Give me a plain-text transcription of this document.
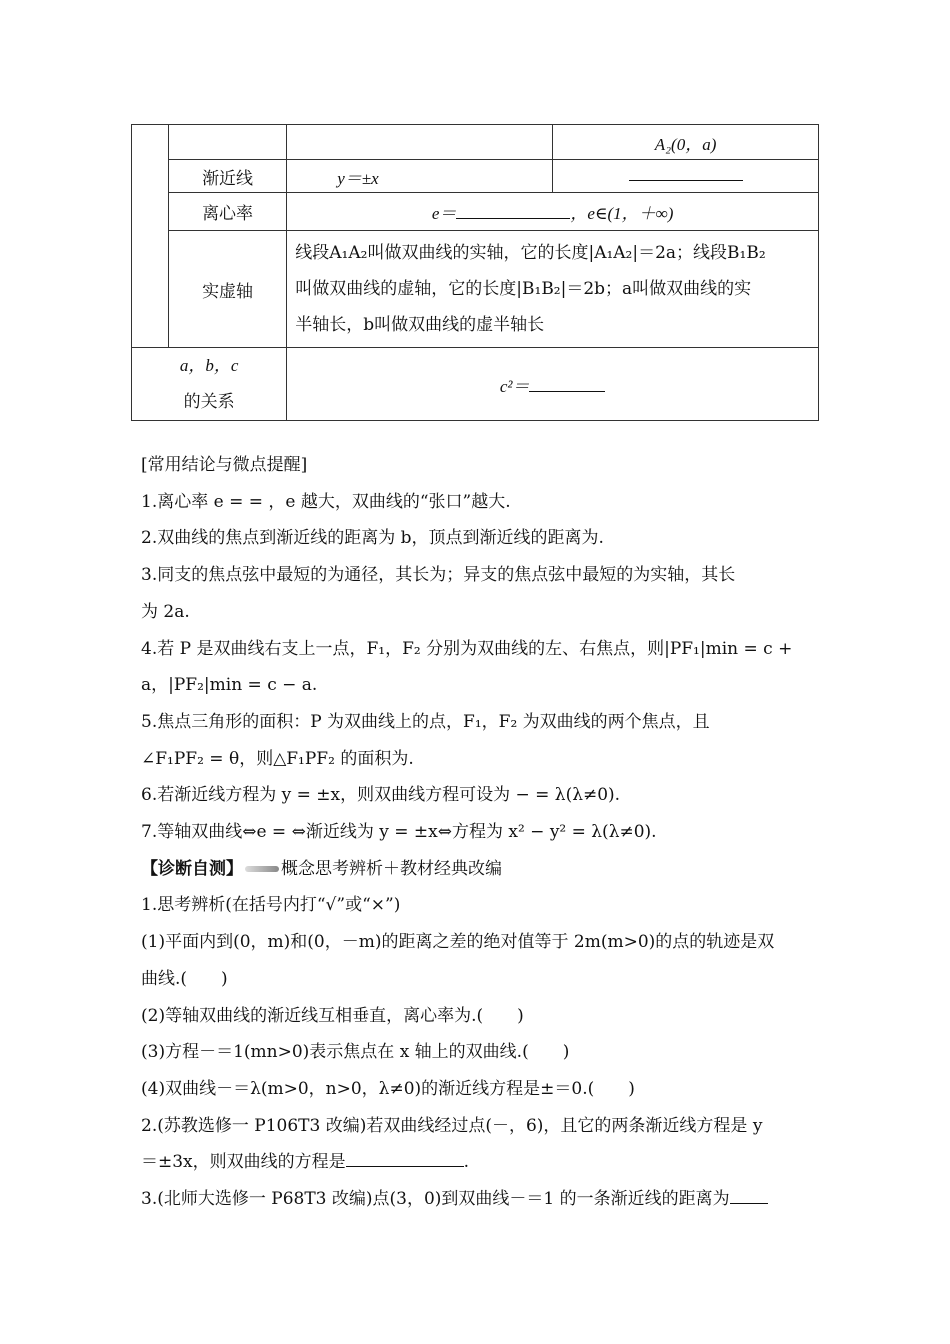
			A₂(0，a)
	渐近线	y＝±x	
	离心率	e＝ ，e∈(1，＋∞)	
	实虚轴	线段A₁A₂叫做双曲线的实轴，它的长度|A₁A₂|＝2a；线段B₁B₂
叫做双曲线的虚轴，它的长度|B₁B₂|＝2b；a叫做双曲线的实
半轴长，b叫做双曲线的虚半轴长	

a，b，c
的关系		c²＝	
[常用结论与微点提醒]
1.离心率 e = = ，e 越大，双曲线的“张口”越大.
2.双曲线的焦点到渐近线的距离为 b，顶点到渐近线的距离为.
3.同支的焦点弦中最短的为通径，其长为；异支的焦点弦中最短的为实轴，其长
为 2a.
4.若 P 是双曲线右支上一点，F₁，F₂ 分别为双曲线的左、右焦点，则|PF₁|min = c +
a，|PF₂|min = c − a.
5.焦点三角形的面积：P 为双曲线上的点，F₁，F₂ 为双曲线的两个焦点，且
∠F₁PF₂ = θ，则△F₁PF₂ 的面积为.
6.若渐近线方程为 y = ±x，则双曲线方程可设为 − = λ(λ≠0).
7.等轴双曲线⇔e = ⇔渐近线为 y = ±x⇔方程为 x² − y² = λ(λ≠0).
【诊断自测】 概念思考辨析＋教材经典改编
1.思考辨析(在括号内打“√”或“×”)
(1)平面内到(0，m)和(0，－m)的距离之差的绝对值等于 2m(m>0)的点的轨迹是双
曲线.(　　)
(2)等轴双曲线的渐近线互相垂直，离心率为.(　　)
(3)方程－＝1(mn>0)表示焦点在 x 轴上的双曲线.(　　)
(4)双曲线－＝λ(m>0，n>0，λ≠0)的渐近线方程是±＝0.(　　)
2.(苏教选修一 P106T3 改编)若双曲线经过点(－，6)，且它的两条渐近线方程是 y
＝±3x，则双曲线的方程是	.
3.(北师大选修一 P68T3 改编)点(3，0)到双曲线－＝1 的一条渐近线的距离为
